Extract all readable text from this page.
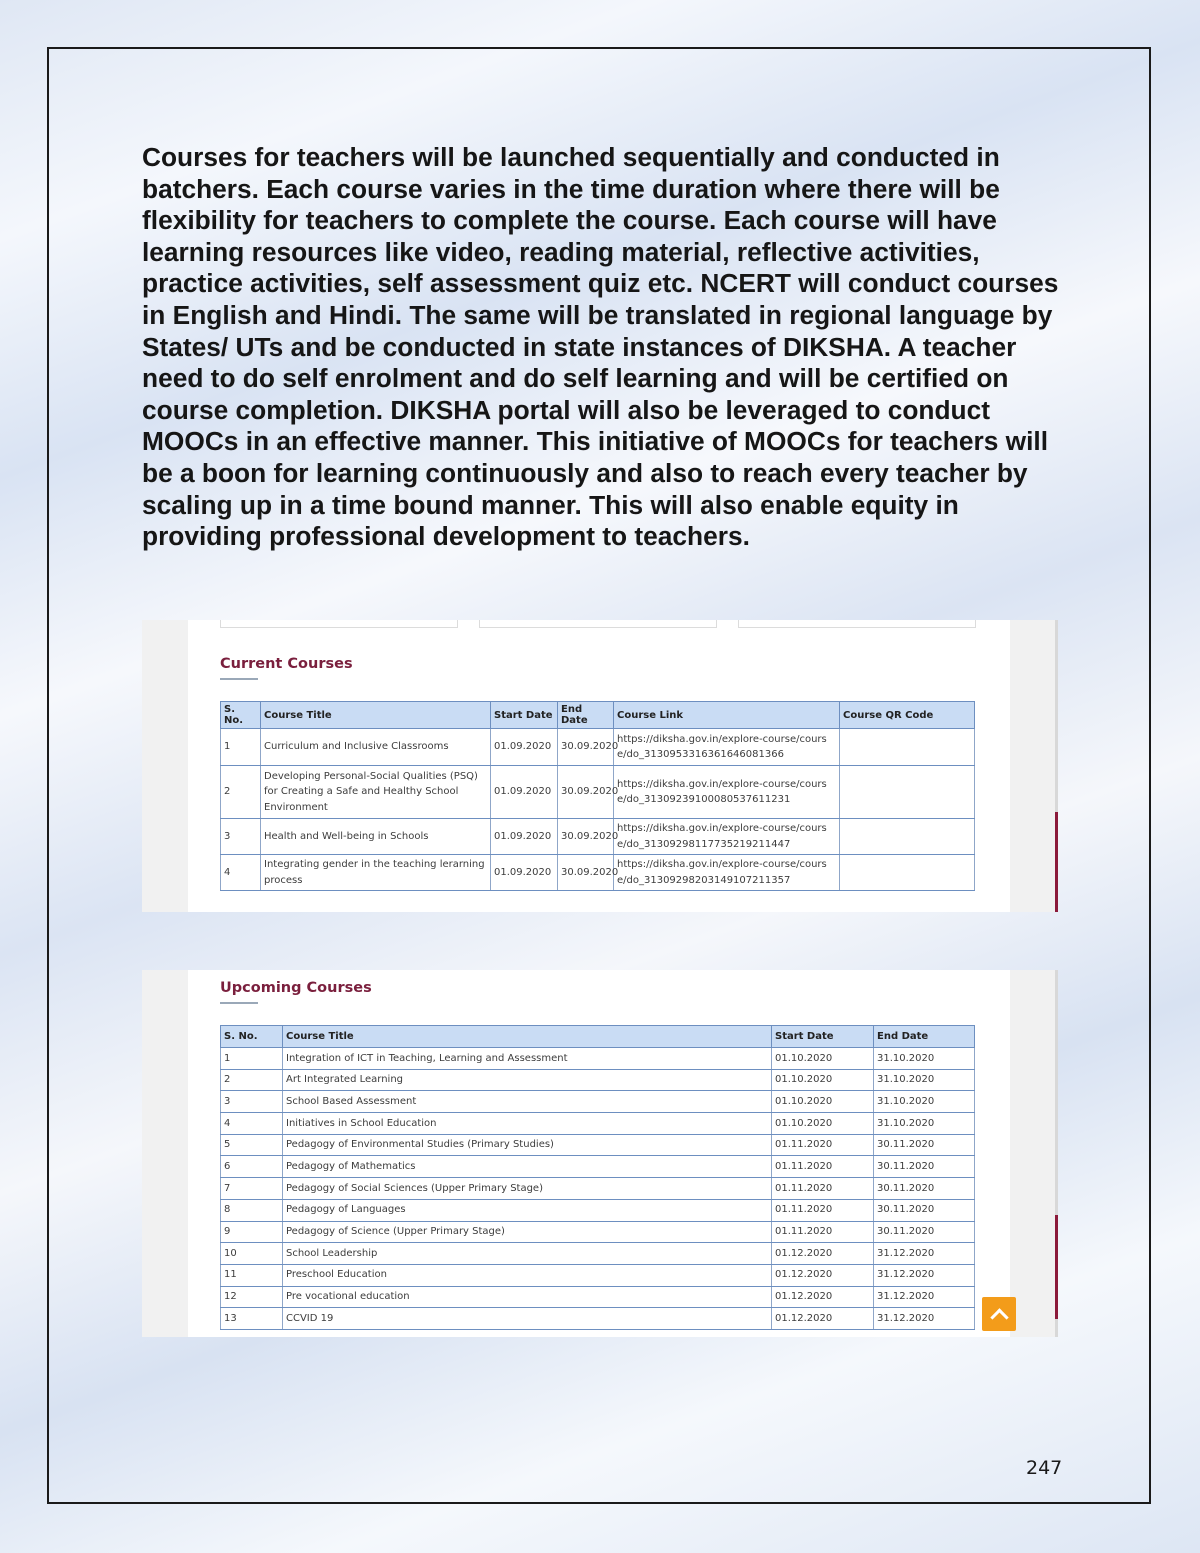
Courses for teachers will be launched sequentially and conducted in batchers. Each course varies in the time duration where there will be flexibility for teachers to complete the course. Each course will have learning resources like video, reading material, reflective activities, practice activities, self assessment quiz etc. NCERT will conduct courses in English and Hindi. The same will be translated in regional language by States/ UTs and be conducted in state instances of DIKSHA. A teacher need to do self enrolment and do self learning and will be certified on course completion. DIKSHA portal will also be leveraged to conduct MOOCs in an effective manner. This initiative of MOOCs for teachers will be a boon for learning continuously and also to reach every teacher by scaling up in a time bound manner. This will also enable equity in providing professional development to teachers.

Current Courses
S. No.	Course Title	Start Date	End Date	Course Link	Course QR Code
1	Curriculum and Inclusive Classrooms	01.09.2020	30.09.2020	https://diksha.gov.in/explore-course/course/do_31309533163616460813​66	
2	Developing Personal-Social Qualities (PSQ) for Creating a Safe and Healthy School Environment	01.09.2020	30.09.2020	https://diksha.gov.in/explore-course/course/do_3130923910008053761​1231	
3	Health and Well-being in Schools	01.09.2020	30.09.2020	https://diksha.gov.in/explore-course/course/do_313092981177352192​11447	
4	Integrating gender in the teaching lerarning process	01.09.2020	30.09.2020	https://diksha.gov.in/explore-course/course/do_313092982031491072​11357	
Upcoming Courses
S. No.	Course Title	Start Date	End Date
1	Integration of ICT in Teaching, Learning and Assessment	01.10.2020	31.10.2020
2	Art Integrated Learning	01.10.2020	31.10.2020
3	School Based Assessment	01.10.2020	31.10.2020
4	Initiatives in School Education	01.10.2020	31.10.2020
5	Pedagogy of Environmental Studies (Primary Studies)	01.11.2020	30.11.2020
6	Pedagogy of Mathematics	01.11.2020	30.11.2020
7	Pedagogy of Social Sciences (Upper Primary Stage)	01.11.2020	30.11.2020
8	Pedagogy of Languages	01.11.2020	30.11.2020
9	Pedagogy of Science (Upper Primary Stage)	01.11.2020	30.11.2020
10	School Leadership	01.12.2020	31.12.2020
11	Preschool Education	01.12.2020	31.12.2020
12	Pre vocational education	01.12.2020	31.12.2020
13	CCVID 19	01.12.2020	31.12.2020
247
